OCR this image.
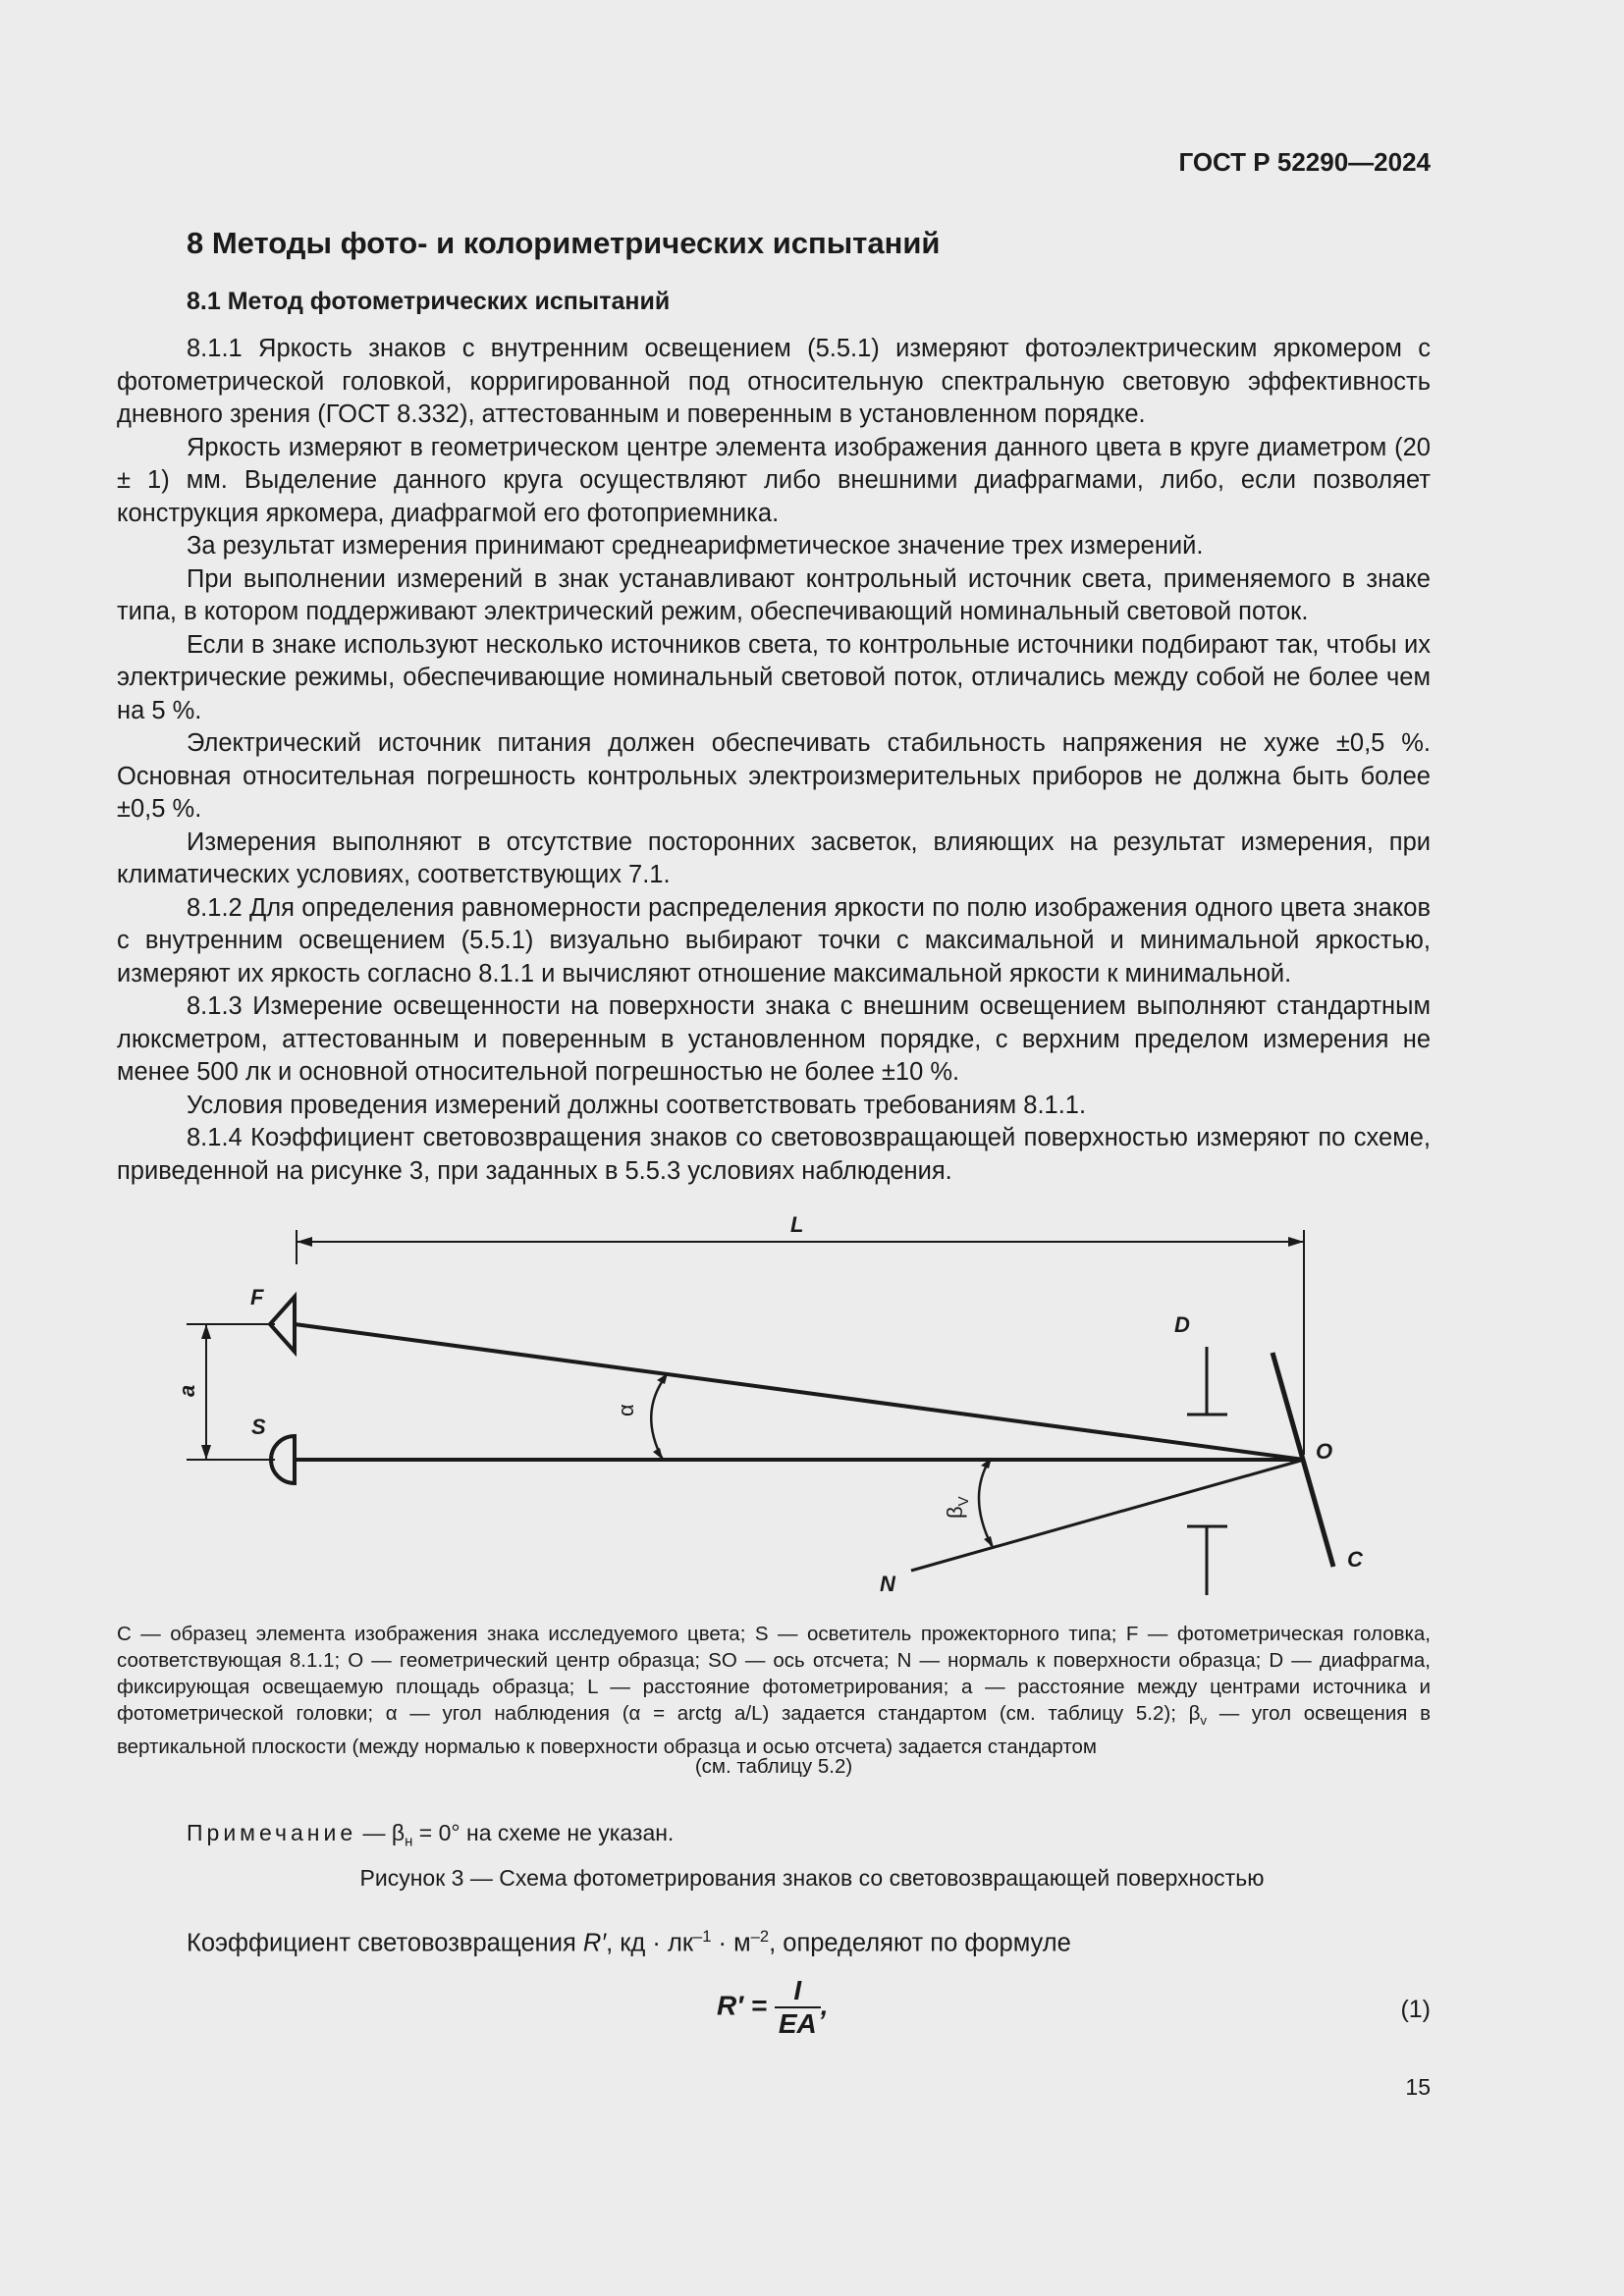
ГОСТ Р 52290—2024
8 Методы фото- и колориметрических испытаний
8.1 Метод фотометрических испытаний

8.1.1 Яркость знаков с внутренним освещением (5.5.1) измеряют фотоэлектрическим яркомером с фотометрической головкой, корригированной под относительную спектральную световую эффективность дневного зрения (ГОСТ 8.332), аттестованным и поверенным в установленном порядке.

Яркость измеряют в геометрическом центре элемента изображения данного цвета в круге диаметром (20 ± 1) мм. Выделение данного круга осуществляют либо внешними диафрагмами, либо, если позволяет конструкция яркомера, диафрагмой его фотоприемника.

За результат измерения принимают среднеарифметическое значение трех измерений.

При выполнении измерений в знак устанавливают контрольный источник света, применяемого в знаке типа, в котором поддерживают электрический режим, обеспечивающий номинальный световой поток.

Если в знаке используют несколько источников света, то контрольные источники подбирают так, чтобы их электрические режимы, обеспечивающие номинальный световой поток, отличались между собой не более чем на 5 %.

Электрический источник питания должен обеспечивать стабильность напряжения не хуже ±0,5 %. Основная относительная погрешность контрольных электроизмерительных приборов не должна быть более ±0,5 %.

Измерения выполняют в отсутствие посторонних засветок, влияющих на результат измерения, при климатических условиях, соответствующих 7.1.

8.1.2 Для определения равномерности распределения яркости по полю изображения одного цвета знаков с внутренним освещением (5.5.1) визуально выбирают точки с максимальной и минимальной яркостью, измеряют их яркость согласно 8.1.1 и вычисляют отношение максимальной яркости к минимальной.

8.1.3 Измерение освещенности на поверхности знака с внешним освещением выполняют стандартным люксметром, аттестованным и поверенным в установленном порядке, с верхним пределом измерения не менее 500 лк и основной относительной погрешностью не более ±10 %.

Условия проведения измерений должны соответствовать требованиям 8.1.1.

8.1.4 Коэффициент световозвращения знаков со световозвращающей поверхностью измеряют по схеме, приведенной на рисунке 3, при заданных в 5.5.3 условиях наблюдения.

L
F
S
a
α
$\beta_V$
D
O
C
N
C — образец элемента изображения знака исследуемого цвета; S — осветитель прожекторного типа; F — фотометрическая головка, соответствующая 8.1.1; О — геометрический центр образца; SO — ось отсчета; N — нормаль к поверхности образца; D — диафрагма, фиксирующая освещаемую площадь образца; L — расстояние фотометрирования; a — расстояние между центрами источника и фотометрической головки; α — угол наблюдения (α = arctg a/L) задается стандартом (см. таблицу 5.2); $\beta_v$ — угол освещения в вертикальной плоскости (между нормалью к поверхности образца и осью отсчета) задается стандартом
(см. таблицу 5.2)
Примечание — $\beta_н = 0^\circ$ на схеме не указан.
Рисунок 3 — Схема фотометрирования знаков со световозвращающей поверхностью
Коэффициент световозвращения R′, кд · $лк^{-1} \cdot м^{-2}$, определяют по формуле
$R' = \frac{I}{EA}$ ,	(1)
15
